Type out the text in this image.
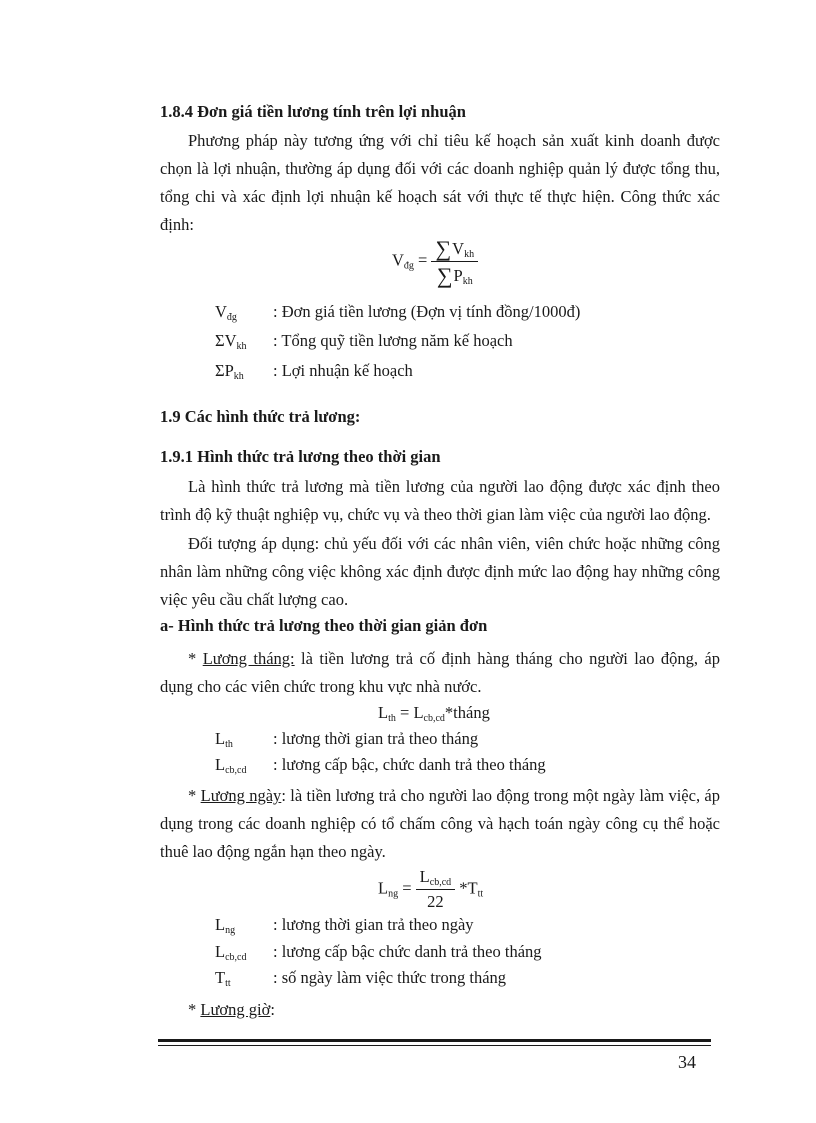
1.8.4 Đơn giá tiền lương tính trên lợi nhuận
Phương pháp này tương ứng với chỉ tiêu kế hoạch sản xuất kinh doanh được chọn là lợi nhuận, thường áp dụng đối với các doanh nghiệp quản lý được tổng thu, tổng chi và xác định lợi nhuận kế hoạch sát với thực tế thực hiện. Công thức xác định:
$V_{đg} = \frac{\sum V_{kh}}{\sum P_{kh}}$
$V_{đg}$ : Đơn giá tiền lương (Đợn vị tính đồng/1000đ)
$\Sigma V_{kh}$ : Tổng quỹ tiền lương năm kế hoạch
$\Sigma P_{kh}$ : Lợi nhuận kế hoạch
1.9 Các hình thức trả lương:
1.9.1 Hình thức trả lương theo thời gian
Là hình thức trả lương mà tiền lương của người lao động được xác định theo trình độ kỹ thuật nghiệp vụ, chức vụ và theo thời gian làm việc của người lao động.
Đối tượng áp dụng: chủ yếu đối với các nhân viên, viên chức hoặc những công nhân làm những công việc không xác định được định mức lao động hay những công việc yêu cầu chất lượng cao.
a- Hình thức trả lương theo thời gian giản đơn
* Lương tháng: là tiền lương trả cố định hàng tháng cho người lao động, áp dụng cho các viên chức trong khu vực nhà nước.
$L_{th}$ = $L_{cb,cd}*tháng$
$L_{th}$ : lương thời gian trả theo tháng
$L_{cb,cd}$ : lương cấp bậc, chức danh trả theo tháng
* Lương ngày: là tiền lương trả cho người lao động trong một ngày làm việc, áp dụng trong các doanh nghiệp có tổ chấm công và hạch toán ngày công cụ thể hoặc thuê lao động ngắn hạn theo ngày.
$L_{ng} = \frac{L_{cb,cd}}{22} *T_{tt}$
$L_{ng}$ : lương thời gian trả theo ngày
$L_{cb,cd}$ : lương cấp bậc chức danh trả theo tháng
$T_{tt}$	: số ngày làm việc thức trong tháng
* Lương giờ:
34
